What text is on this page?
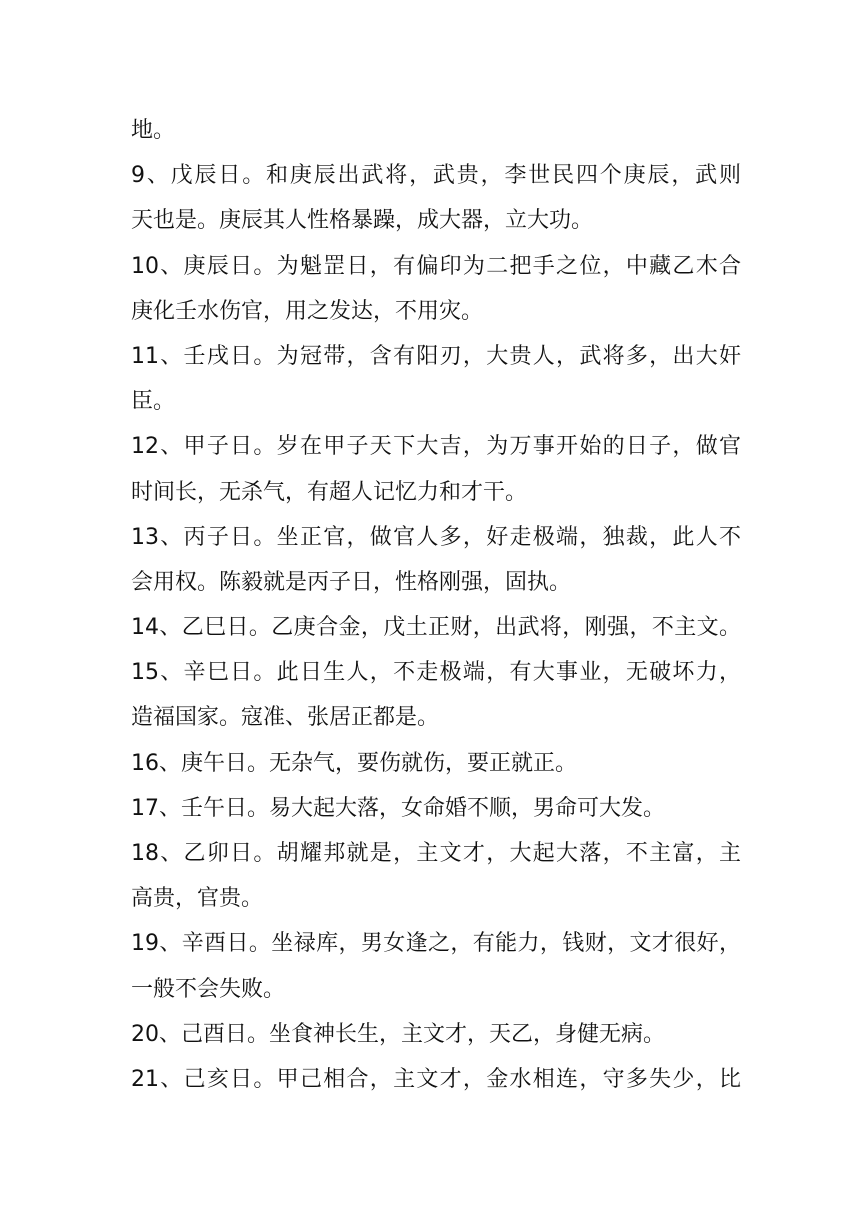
地。
9、戊辰日。和庚辰出武将，武贵，李世民四个庚辰，武则
天也是。庚辰其人性格暴躁，成大器，立大功。
10、庚辰日。为魁罡日，有偏印为二把手之位，中藏乙木合
庚化壬水伤官，用之发达，不用灾。
11、壬戌日。为冠带，含有阳刃，大贵人，武将多，出大奸
臣。
12、甲子日。岁在甲子天下大吉，为万事开始的日子，做官
时间长，无杀气，有超人记忆力和才干。
13、丙子日。坐正官，做官人多，好走极端，独裁，此人不
会用权。陈毅就是丙子日，性格刚强，固执。
14、乙巳日。乙庚合金，戊土正财，出武将，刚强，不主文。
15、辛巳日。此日生人，不走极端，有大事业，无破坏力，
造福国家。寇准、张居正都是。
16、庚午日。无杂气，要伤就伤，要正就正。
17、壬午日。易大起大落，女命婚不顺，男命可大发。
18、乙卯日。胡耀邦就是，主文才，大起大落，不主富，主
高贵，官贵。
19、辛酉日。坐禄库，男女逢之，有能力，钱财，文才很好，
一般不会失败。
20、己酉日。坐食神长生，主文才，天乙，身健无病。
21、己亥日。甲己相合，主文才，金水相连，守多失少，比
